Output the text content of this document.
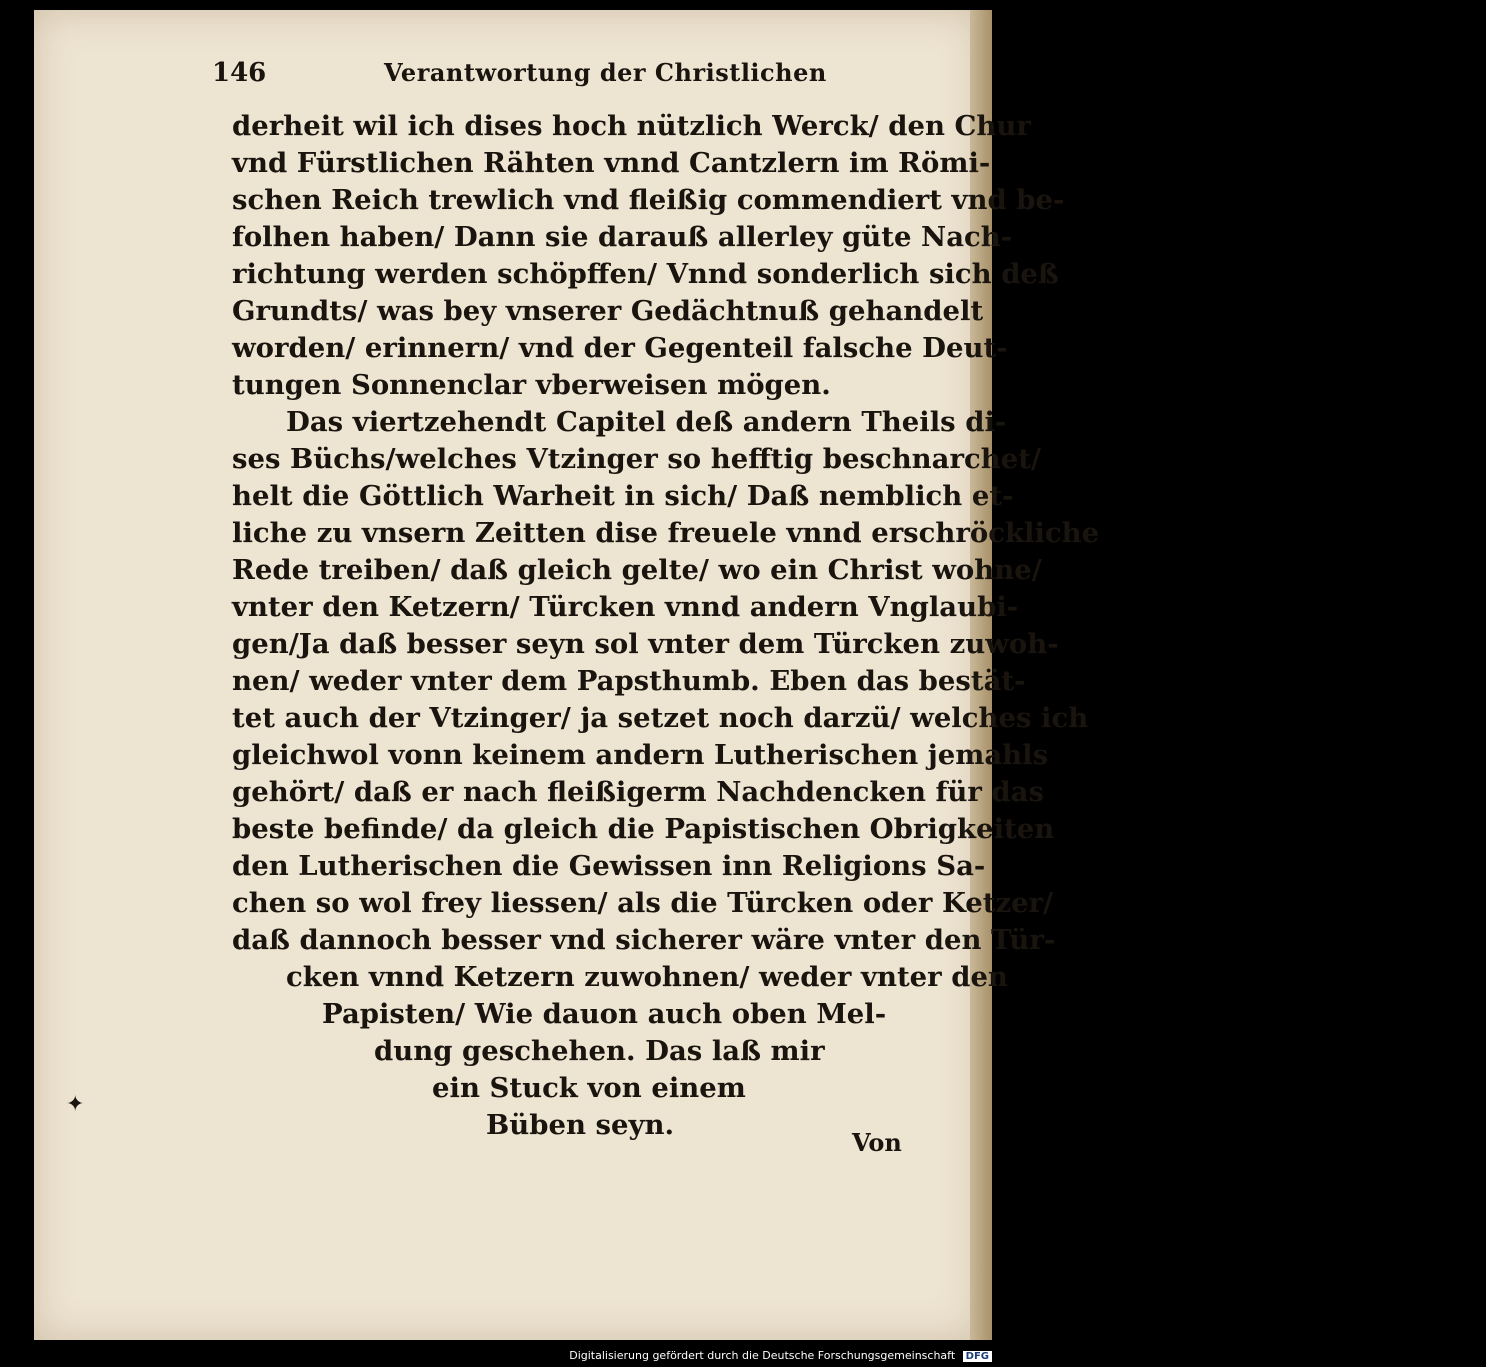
146	Verantwortung der Christlichen
derheit wil ich dises hoch nützlich Werck/ den Chur
vnd Fürstlichen Rähten vnnd Cantzlern im Römi-
schen Reich trewlich vnd fleißig commendiert vnd be-
folhen haben/ Dann sie darauß allerley güte Nach-
richtung werden schöpffen/ Vnnd sonderlich sich deß
Grundts/ was bey vnserer Gedächtnuß gehandelt
worden/ erinnern/ vnd der Gegenteil falsche Deut-
tungen Sonnenclar vberweisen mögen.
Das viertzehendt Capitel deß andern Theils di-
ses Büchs/welches Vtzinger so hefftig beschnarchet/
helt die Göttlich Warheit in sich/ Daß nemblich et-
liche zu vnsern Zeitten dise freuele vnnd erschröckliche
Rede treiben/ daß gleich gelte/ wo ein Christ wohne/
vnter den Ketzern/ Türcken vnnd andern Vnglaubi-
gen/Ja daß besser seyn sol vnter dem Türcken zuwoh-
nen/ weder vnter dem Papsthumb. Eben das bestät-
tet auch der Vtzinger/ ja setzet noch darzü/ welches ich
gleichwol vonn keinem andern Lutherischen jemahls
gehört/ daß er nach fleißigerm Nachdencken für das
beste befinde/ da gleich die Papistischen Obrigkeiten
den Lutherischen die Gewissen inn Religions Sa-
chen so wol frey liessen/ als die Türcken oder Ketzer/
daß dannoch besser vnd sicherer wäre vnter den Tür-
cken vnnd Ketzern zuwohnen/ weder vnter den
Papisten/ Wie dauon auch oben Mel-
dung geschehen. Das laß mir
ein Stuck von einem
Büben seyn.
Von
✦
Digitalisierung gefördert durch die Deutsche Forschungsgemeinschaft DFG
